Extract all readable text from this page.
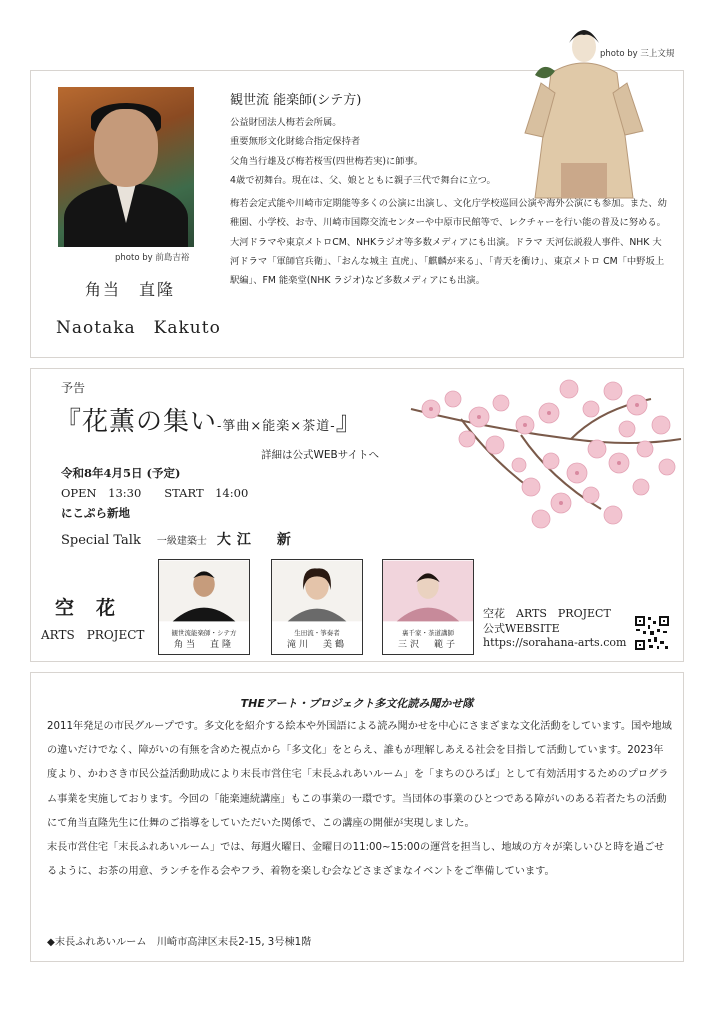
photo by 前島吉裕
角当　直隆
Naotaka　Kakuto
観世流 能楽師(シテ方)
公益財団法人梅若会所属。
重要無形文化財総合指定保持者
父角当行雄及び梅若桜雪(四世梅若実)に師事。
4歳で初舞台。現在は、父、娘とともに親子三代で舞台に立つ。
梅若会定式能や川崎市定期能等多くの公演に出演し、文化庁学校巡回公演や海外公演にも参加。また、幼稚園、小学校、お寺、川崎市国際交流センターや中原市民館等で、レクチャーを行い能の普及に努める。大河ドラマや東京メトロCM、NHKラジオ等多数メディアにも出演。ドラマ 天河伝説殺人事件、NHK 大河ドラマ「軍師官兵衛」、「おんな城主 直虎」、「麒麟が来る」、「青天を衝け」、東京メトロ CM「中野坂上駅編」、FM 能楽堂(NHK ラジオ)など多数メディアにも出演。
photo by 三上文規
予告
『花薫の集い-箏曲×能楽×茶道-』
詳細は公式WEBサイトへ
令和8年4月5日 (予定)
OPEN　13:30　　START　14:00
にこぷら新地
Special Talk 一級建築士 大江　新
空花
ARTS　PROJECT	観世流能楽師・シテ方
角当　直隆
生田流・箏奏者
滝川　美鶴
裏千家・茶道講師
三沢　範子
空花　ARTS　PROJECT
公式WEBSITE
https://sorahana-arts.com
THEアート・プロジェクト多文化読み聞かせ隊
2011年発足の市民グループです。多文化を紹介する絵本や外国語による読み聞かせを中心にさまざまな文化活動をしています。国や地域の違いだけでなく、障がいの有無を含めた視点から「多文化」をとらえ、誰もが理解しあえる社会を目指して活動しています。2023年度より、かわさき市民公益活動助成により末長市営住宅「末長ふれあいルーム」を「まちのひろば」として有効活用するためのプログラム事業を実施しております。今回の「能楽連続講座」もこの事業の一環です。当団体の事業のひとつである障がいのある若者たちの活動にて角当直隆先生に仕舞のご指導をしていただいた関係で、この講座の開催が実現しました。
末長市営住宅「末長ふれあいルーム」では、毎週火曜日、金曜日の11:00~15:00の運営を担当し、地域の方々が楽しいひと時を過ごせるように、お茶の用意、ランチを作る会やフラ、着物を楽しむ会などさまざまなイベントをご準備しています。
◆末長ふれあいルーム　川崎市高津区末長2-15, 3号棟1階
